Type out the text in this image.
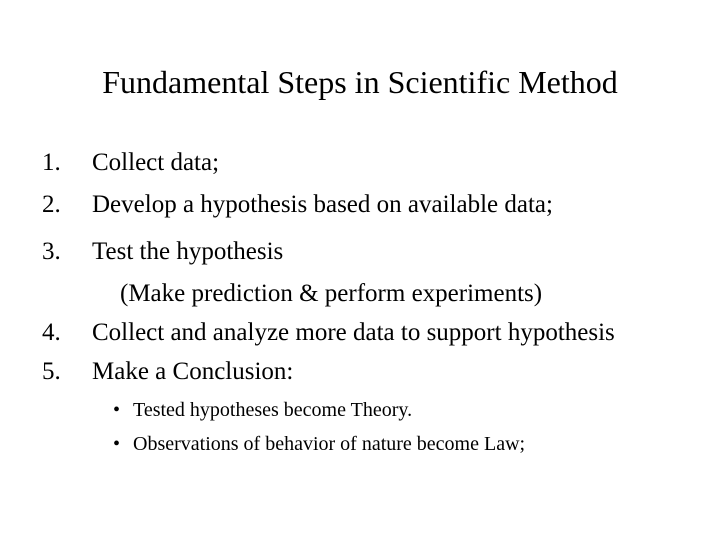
Fundamental Steps in Scientific Method
1. Collect data;
2. Develop a hypothesis based on available data;
3. Test the hypothesis
(Make prediction & perform experiments)
4. Collect and analyze more data to support hypothesis
5. Make a Conclusion:
• Tested hypotheses become Theory.
• Observations of behavior of nature become Law;
